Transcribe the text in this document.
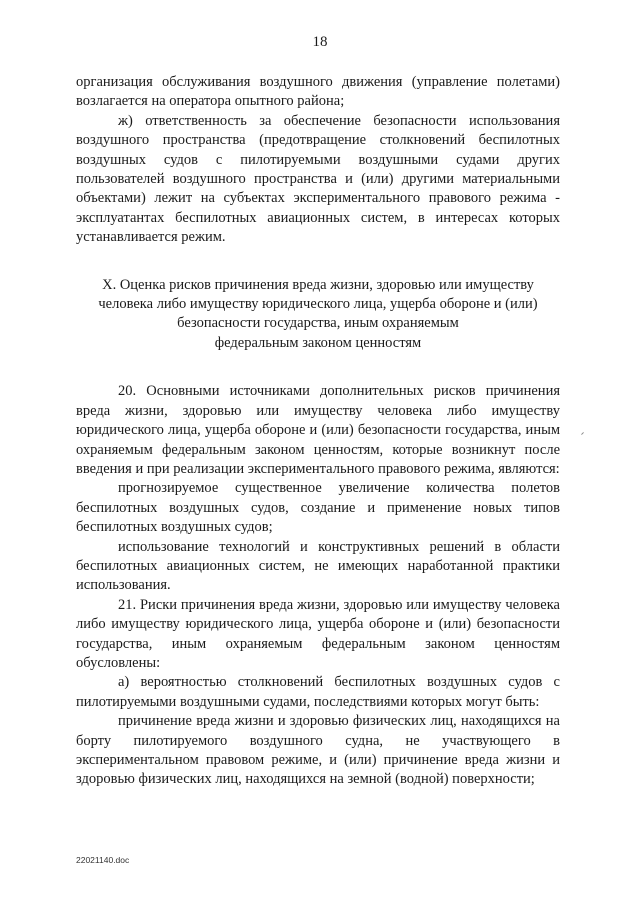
18

организация обслуживания воздушного движения (управление полетами) возлагается на оператора опытного района;

ж) ответственность за обеспечение безопасности использования воздушного пространства (предотвращение столкновений беспилотных воздушных судов с пилотируемыми воздушными судами других пользователей воздушного пространства и (или) другими материальными объектами) лежит на субъектах экспериментального правового режима - эксплуатантах беспилотных авиационных систем, в интересах которых устанавливается режим.

X. Оценка рисков причинения вреда жизни, здоровью или имуществу
человека либо имуществу юридического лица, ущерба обороне и (или)
безопасности государства, иным охраняемым
федеральным законом ценностям

20. Основными источниками дополнительных рисков причинения вреда жизни, здоровью или имуществу человека либо имуществу юридического лица, ущерба обороне и (или) безопасности государства, иным охраняемым федеральным законом ценностям, которые возникнут после введения и при реализации экспериментального правового режима, являются:

прогнозируемое существенное увеличение количества полетов беспилотных воздушных судов, создание и применение новых типов беспилотных воздушных судов;

использование технологий и конструктивных решений в области беспилотных авиационных систем, не имеющих наработанной практики использования.

21. Риски причинения вреда жизни, здоровью или имуществу человека либо имуществу юридического лица, ущерба обороне и (или) безопасности государства, иным охраняемым федеральным законом ценностям обусловлены:

а) вероятностью столкновений беспилотных воздушных судов с пилотируемыми воздушными судами, последствиями которых могут быть:

причинение вреда жизни и здоровью физических лиц, находящихся на борту пилотируемого воздушного судна, не участвующего в экспериментальном правовом режиме, и (или) причинение вреда жизни и здоровью физических лиц, находящихся на земной (водной) поверхности;

22021140.doc
